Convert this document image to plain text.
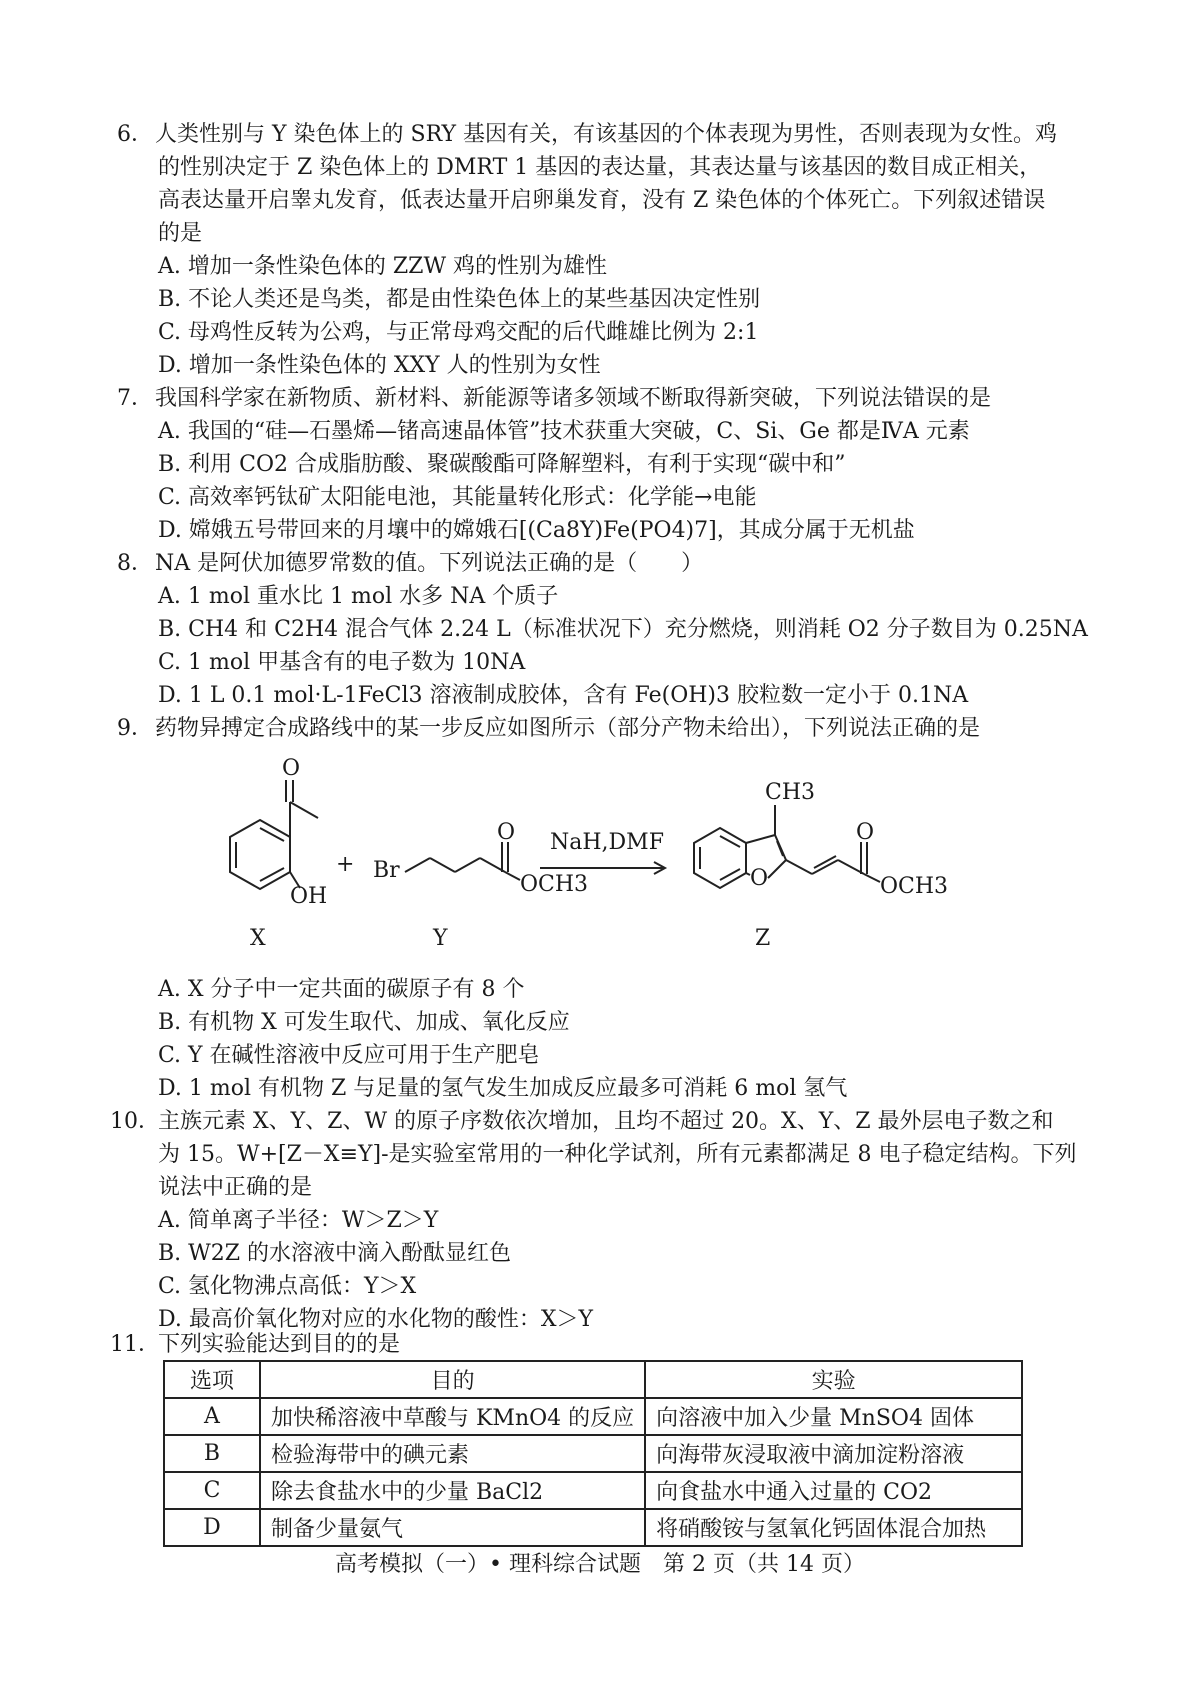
6．人类性别与 Y 染色体上的 SRY 基因有关，有该基因的个体表现为男性，否则表现为女性。鸡
的性别决定于 Z 染色体上的 DMRT 1 基因的表达量，其表达量与该基因的数目成正相关，
高表达量开启睾丸发育，低表达量开启卵巢发育，没有 Z 染色体的个体死亡。下列叙述错误
的是
A. 增加一条性染色体的 ZZW 鸡的性别为雄性
B. 不论人类还是鸟类，都是由性染色体上的某些基因决定性别
C. 母鸡性反转为公鸡，与正常母鸡交配的后代雌雄比例为 2:1
D. 增加一条性染色体的 XXY 人的性别为女性
7．我国科学家在新物质、新材料、新能源等诸多领域不断取得新突破，下列说法错误的是
A. 我国的“硅—石墨烯—锗高速晶体管”技术获重大突破，C、Si、Ge 都是ⅣA 元素
B. 利用 CO2 合成脂肪酸、聚碳酸酯可降解塑料，有利于实现“碳中和”
C. 高效率钙钛矿太阳能电池，其能量转化形式：化学能→电能
D. 嫦娥五号带回来的月壤中的嫦娥石[(Ca8Y)Fe(PO4)7]，其成分属于无机盐
8．NA 是阿伏加德罗常数的值。下列说法正确的是（　　）
A. 1 mol 重水比 1 mol 水多 NA 个质子
B. CH4 和 C2H4 混合气体 2.24 L（标准状况下）充分燃烧，则消耗 O2 分子数目为 0.25NA
C. 1 mol 甲基含有的电子数为 10NA
D. 1 L 0.1 mol·L-1FeCl3 溶液制成胶体，含有 Fe(OH)3 胶粒数一定小于 0.1NA
9．药物异搏定合成路线中的某一步反应如图所示（部分产物未给出），下列说法正确的是
O
OH
+ Br
O
OCH3
NaH,DMF
CH3
O
O
OCH3
X	Y	Z
A. X 分子中一定共面的碳原子有 8 个
B. 有机物 X 可发生取代、加成、氧化反应
C. Y 在碱性溶液中反应可用于生产肥皂
D. 1 mol 有机物 Z 与足量的氢气发生加成反应最多可消耗 6 mol 氢气
10．主族元素 X、Y、Z、W 的原子序数依次增加，且均不超过 20。X、Y、Z 最外层电子数之和
为 15。W+[Z－X≡Y]-是实验室常用的一种化学试剂，所有元素都满足 8 电子稳定结构。下列
说法中正确的是
A. 简单离子半径：W＞Z＞Y
B. W2Z 的水溶液中滴入酚酞显红色
C. 氢化物沸点高低：Y＞X
D. 最高价氧化物对应的水化物的酸性：X＞Y
11．下列实验能达到目的的是
选项	目的	实验
A	加快稀溶液中草酸与 KMnO4 的反应	向溶液中加入少量 MnSO4 固体
B	检验海带中的碘元素	向海带灰浸取液中滴加淀粉溶液
C	除去食盐水中的少量 BaCl2	向食盐水中通入过量的 CO2
D	制备少量氨气	将硝酸铵与氢氧化钙固体混合加热
高考模拟（一）• 理科综合试题　第 2 页（共 14 页）
